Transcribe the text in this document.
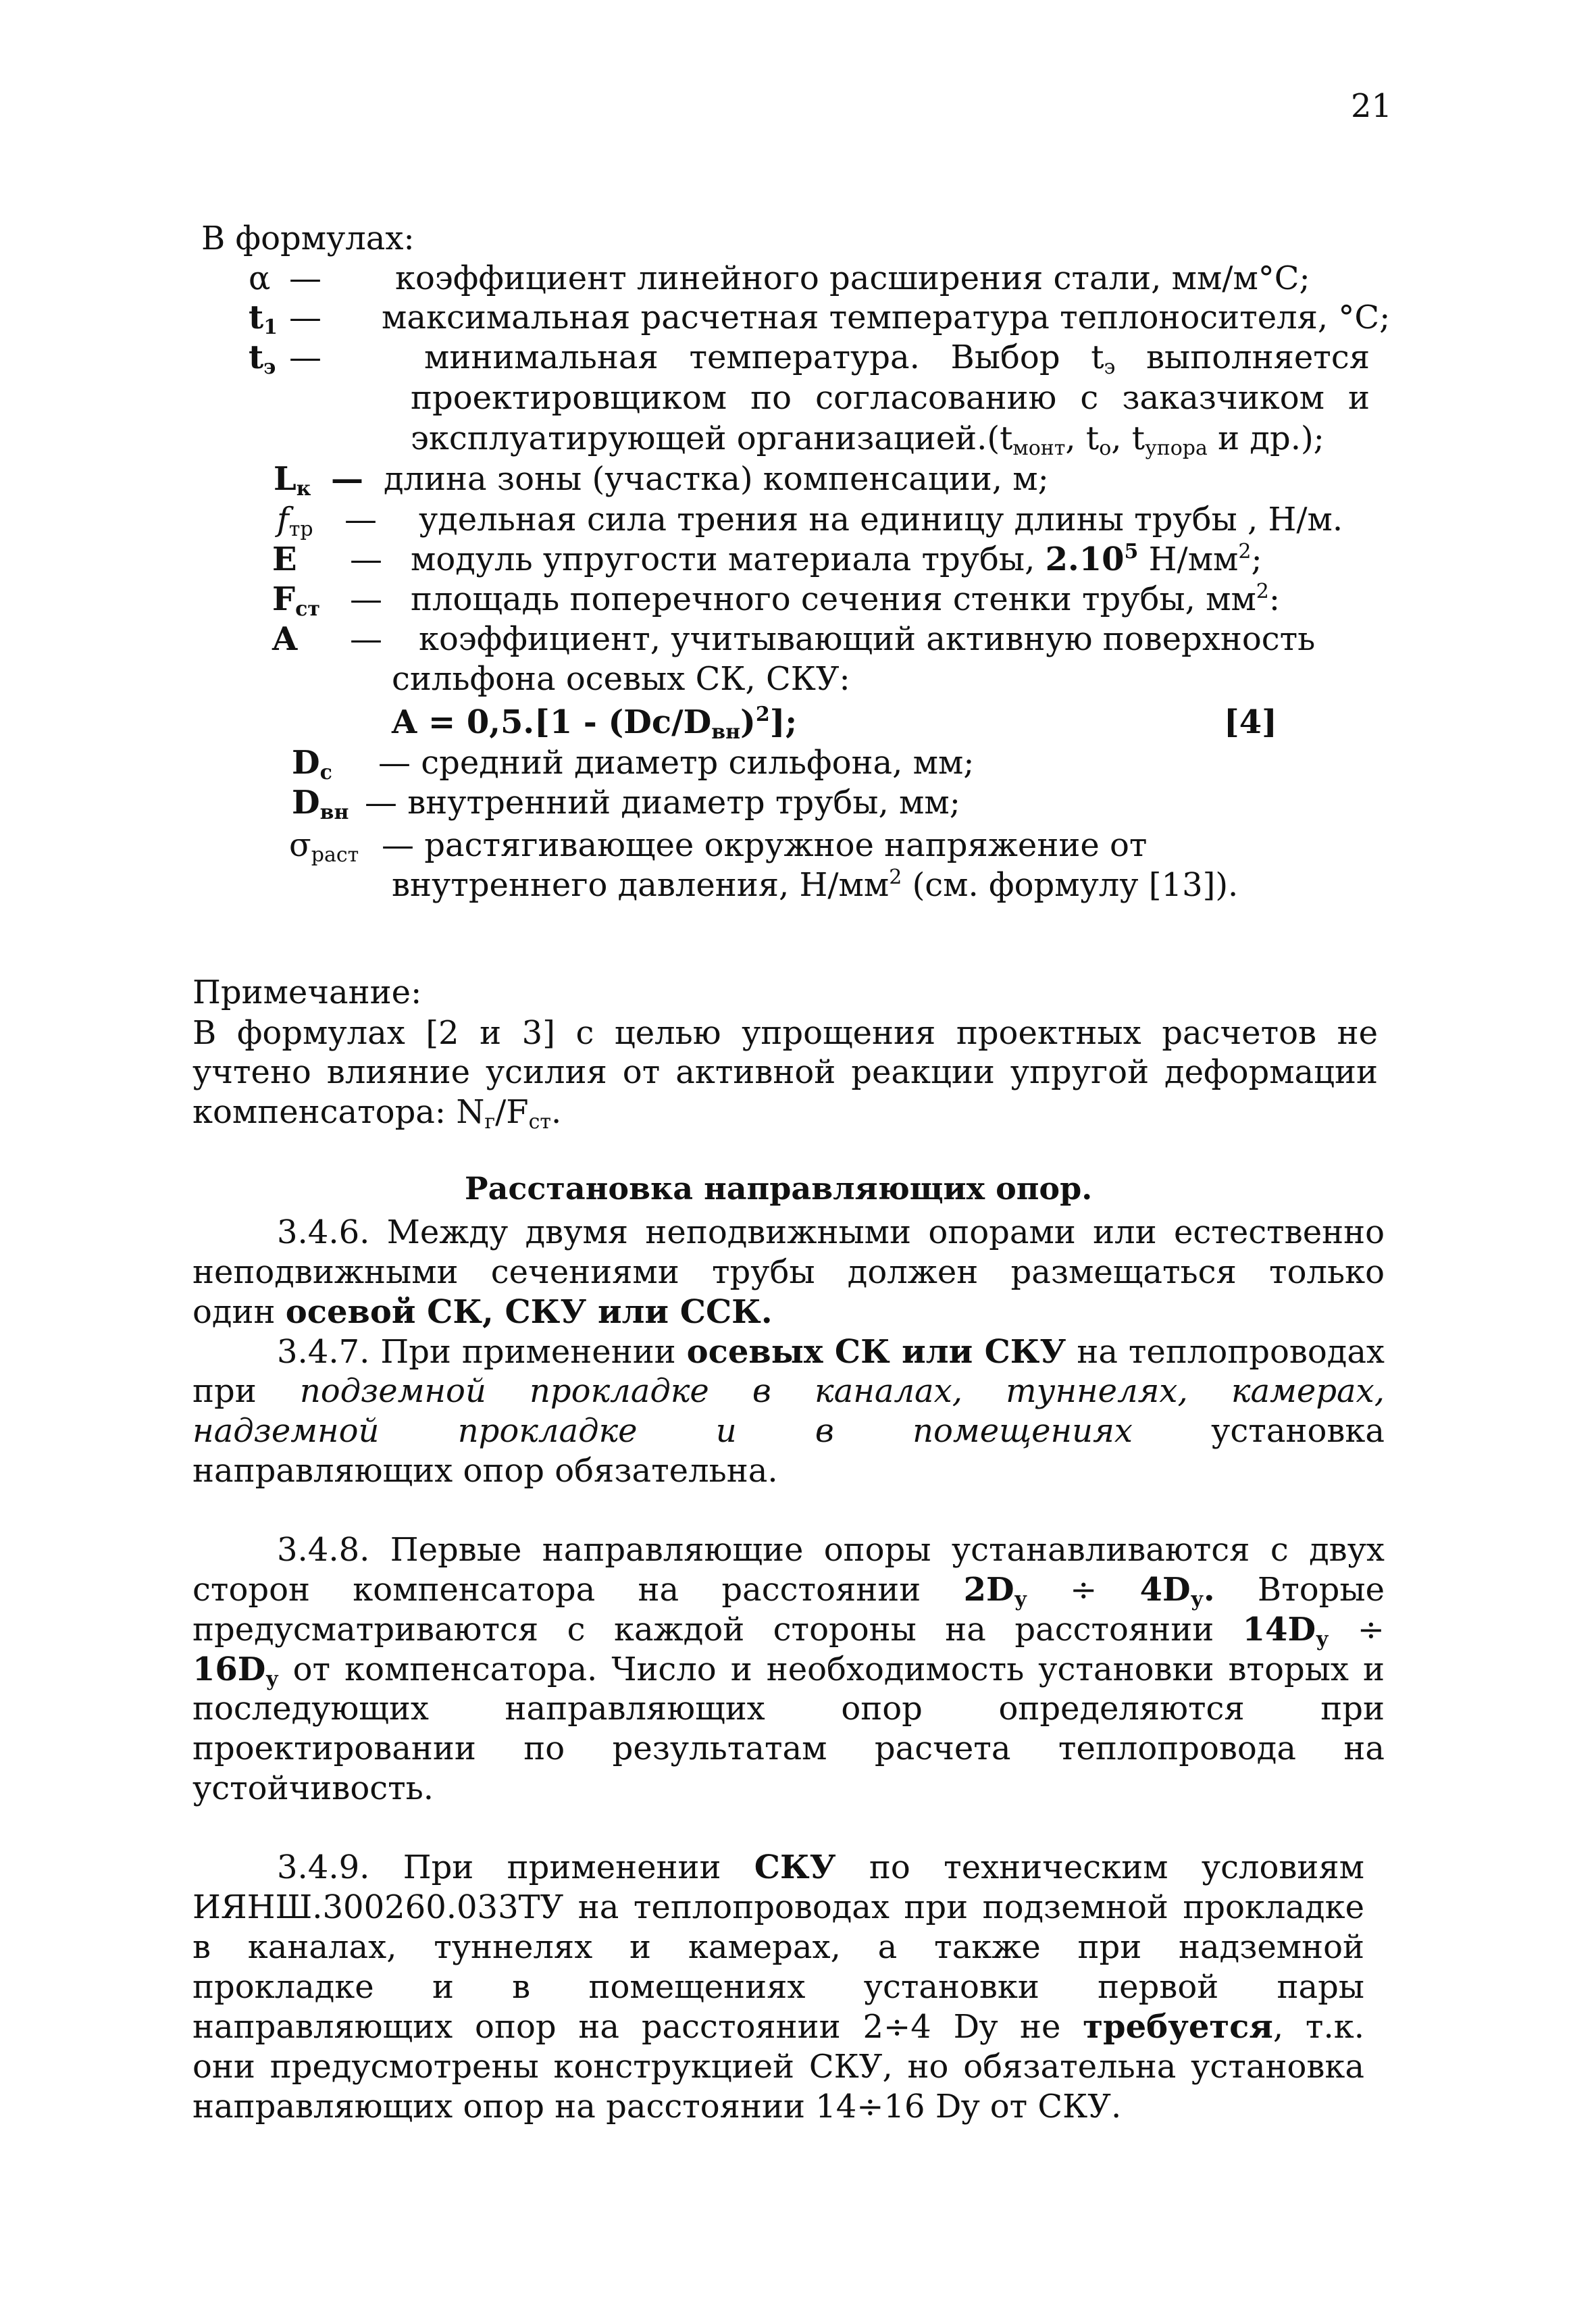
21
В формулах:
α — коэффициент линейного расширения стали, мм/м°С;
$t_1$ — максимальная расчетная температура теплоносителя, °С;
$t_э$ —	минимальная температура. Выбор $t_э$ выполняется
проектировщиком по согласованию с заказчиком и
эксплуатирующей $организацией.(t_{монт}$, $t_о$, $t_{упора}$ и др.);
$L_к$ — длина зоны (участка) компенсации, м;
$f_{тр}$ — удельная сила трения на единицу длины трубы , Н/м.
E — модуль упругости материала трубы, 2.10$^5$ $Н/мм^2$;
$F_{ст}$ — площадь поперечного сечения стенки трубы, $мм^2$:
A — коэффициент, учитывающий активную поверхность
сильфона осевых СК, СКУ:
$A = 0,5.[1 - (Dc/D_{вн})^2]$;	[4]
$D_с$ — средний диаметр сильфона, мм;
$D_{вн}$ — внутренний диаметр трубы, мм;
$\sigma_{раст}$ — растягивающее окружное напряжение от
внутреннего давления, $Н/мм^2$ (см. формулу [13]).
Примечание:
В формулах [2 и 3] с целью упрощения проектных расчетов не
учтено влияние усилия от активной реакции упругой деформации
компенсатора: $N_г/F_{ст}$.
Расстановка направляющих опор.
3.4.6. Между двумя неподвижными опорами или естественно
неподвижными сечениями трубы должен размещаться только
один осевой СК, СКУ или ССК.
3.4.7. При применении осевых СК или СКУ на теплопроводах
при подземной прокладке в каналах, туннелях, камерах,
надземной прокладке и в помещениях установка
направляющих опор обязательна.
3.4.8. Первые направляющие опоры устанавливаются с двух
сторон компенсатора на расстоянии $2D_у \div 4D_у$. Вторые
предусматриваются с каждой стороны на расстоянии $14D_у$ ÷
$16D_у$ от компенсатора. Число и необходимость установки вторых и
последующих направляющих опор определяются при
проектировании по результатам расчета теплопровода на
устойчивость.
3.4.9. При применении СКУ по техническим условиям
ИЯНШ.300260.033ТУ на теплопроводах при подземной прокладке
в каналах, туннелях и камерах, а также при надземной
прокладке и в помещениях установки первой пары
направляющих опор на расстоянии 2÷4 Dy не требуется, т.к.
они предусмотрены конструкцией СКУ, но обязательна установка
направляющих опор на расстоянии 14÷16 Dy от СКУ.
